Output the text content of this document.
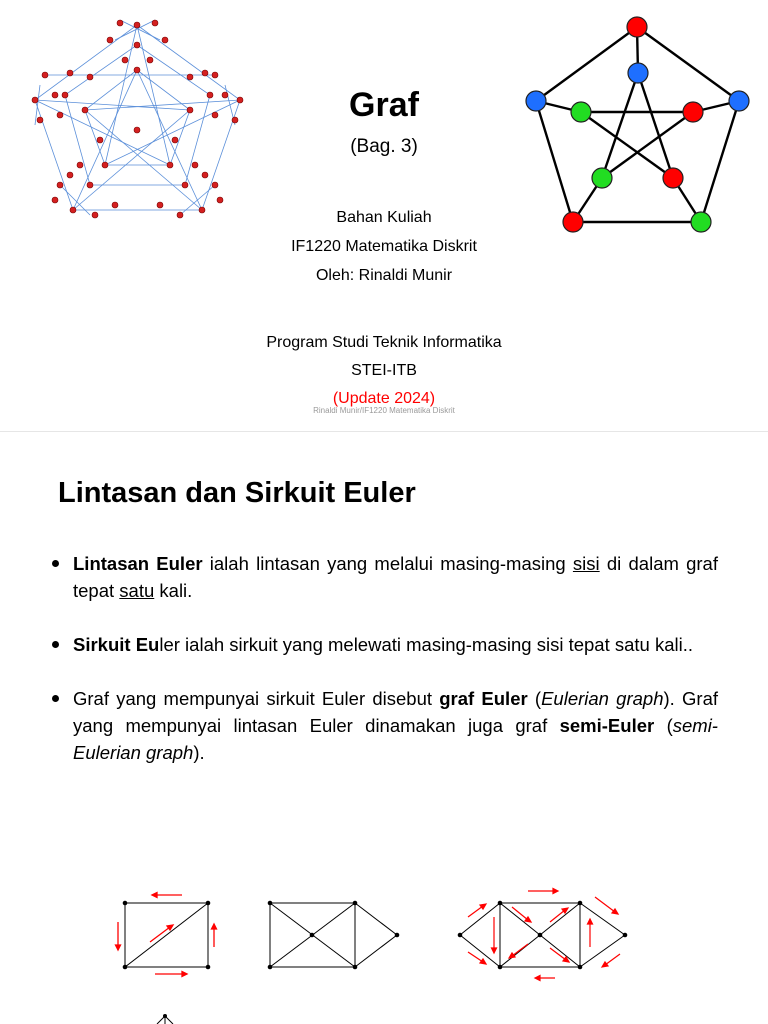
Graf
(Bag. 3)
Bahan Kuliah
IF1220 Matematika Diskrit
Oleh: Rinaldi Munir
Program Studi Teknik Informatika
STEI-ITB
(Update 2024)
Rinaldi Munir/IF1220 Matematika Diskrit
Lintasan dan Sirkuit Euler
Lintasan Euler ialah lintasan yang melalui masing-masing sisi di dalam graf tepat satu kali.
Sirkuit Euler ialah sirkuit yang melewati masing-masing sisi tepat satu kali..
Graf yang mempunyai sirkuit Euler disebut graf Euler (Eulerian graph). Graf yang mempunyai lintasan Euler dinamakan juga graf semi-Euler (semi-Eulerian graph).
